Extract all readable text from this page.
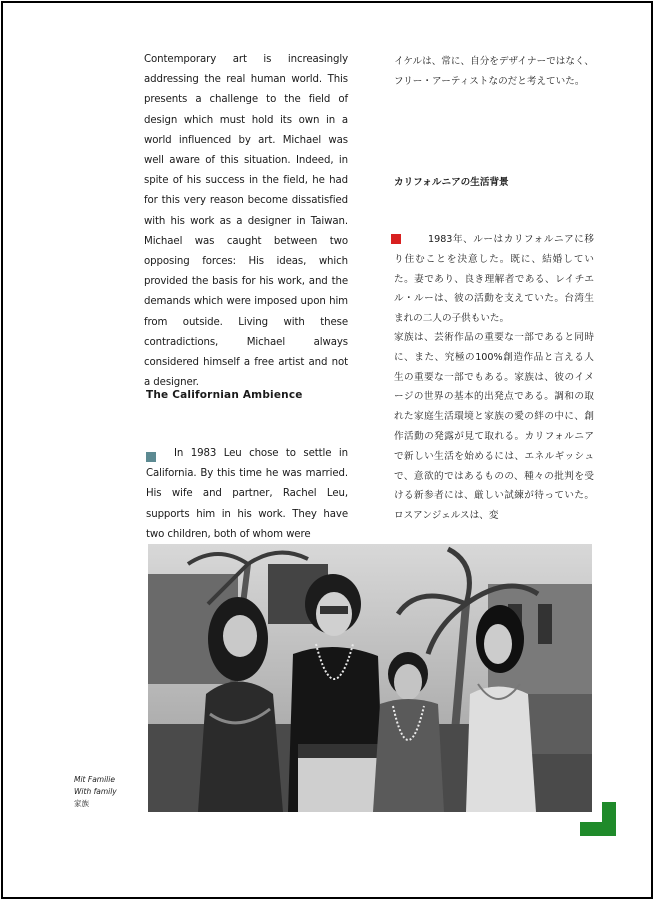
Contemporary art is increasingly addressing the real human world. This presents a challenge to the field of design which must hold its own in a world influenced by art. Michael was well aware of this situation. Indeed, in spite of his success in the field, he had for this very reason become dissatisfied with his work as a designer in Taiwan. Michael was caught between two opposing forces: His ideas, which provided the basis for his work, and the demands which were imposed upon him from outside. Living with these contradictions, Michael always considered himself a free artist and not a designer.

The Californian Ambience

In 1983 Leu chose to settle in California. By this time he was married. His wife and partner, Rachel Leu, supports him in his work. They have two children, both of whom were

イケルは、常に、自分をデザイナーではなく、フリー・アーティストなのだと考えていた。

カリフォルニアの生活背景

1983年、ルーはカリフォルニアに移り住むことを決意した。既に、結婚していた。妻であり、良き理解者である、レイチエル・ルーは、彼の活動を支えていた。台湾生まれの二人の子供もいた。

家族は、芸術作品の重要な一部であると同時に、また、究極の100%創造作品と言える人生の重要な一部でもある。家族は、彼のイメージの世界の基本的出発点である。調和の取れた家庭生活環境と家族の愛の絆の中に、創作活動の発露が見て取れる。カリフォルニアで新しい生活を始めるには、エネルギッシュで、意欲的ではあるものの、種々の批判を受ける新参者には、厳しい試練が待っていた。ロスアンジェルスは、変

Mit Familie
With family
家族
